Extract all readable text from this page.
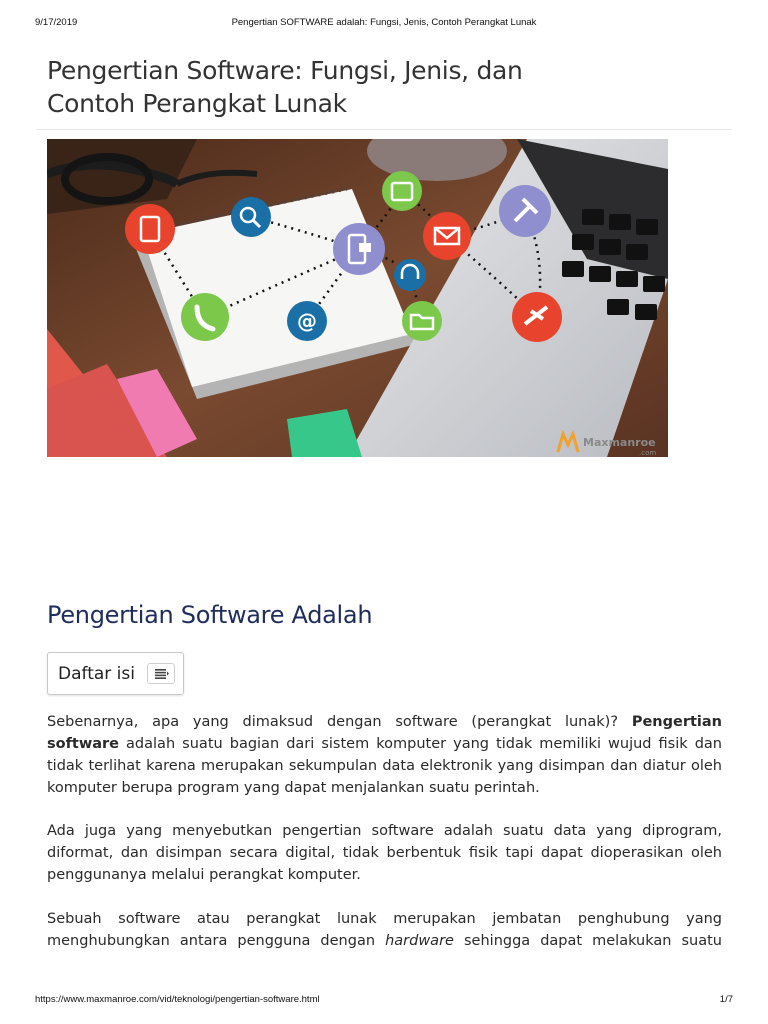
9/17/2019	Pengertian SOFTWARE adalah: Fungsi, Jenis, Contoh Perangkat Lunak
Pengertian Software: Fungsi, Jenis, dan
Contoh Perangkat Lunak
@
Maxmanroe
.com
Pengertian Software Adalah
Daftar isi

Sebenarnya, apa yang dimaksud dengan software (perangkat lunak)? Pengertian software adalah suatu bagian dari sistem komputer yang tidak memiliki wujud fisik dan tidak terlihat karena merupakan sekumpulan data elektronik yang disimpan dan diatur oleh komputer berupa program yang dapat menjalankan suatu perintah.

Ada juga yang menyebutkan pengertian software adalah suatu data yang diprogram, diformat, dan disimpan secara digital, tidak berbentuk fisik tapi dapat dioperasikan oleh penggunanya melalui perangkat komputer.

Sebuah software atau perangkat lunak merupakan jembatan penghubung yang menghubungkan antara pengguna dengan hardware sehingga dapat melakukan suatu

https://www.maxmanroe.com/vid/teknologi/pengertian-software.html	1/7
